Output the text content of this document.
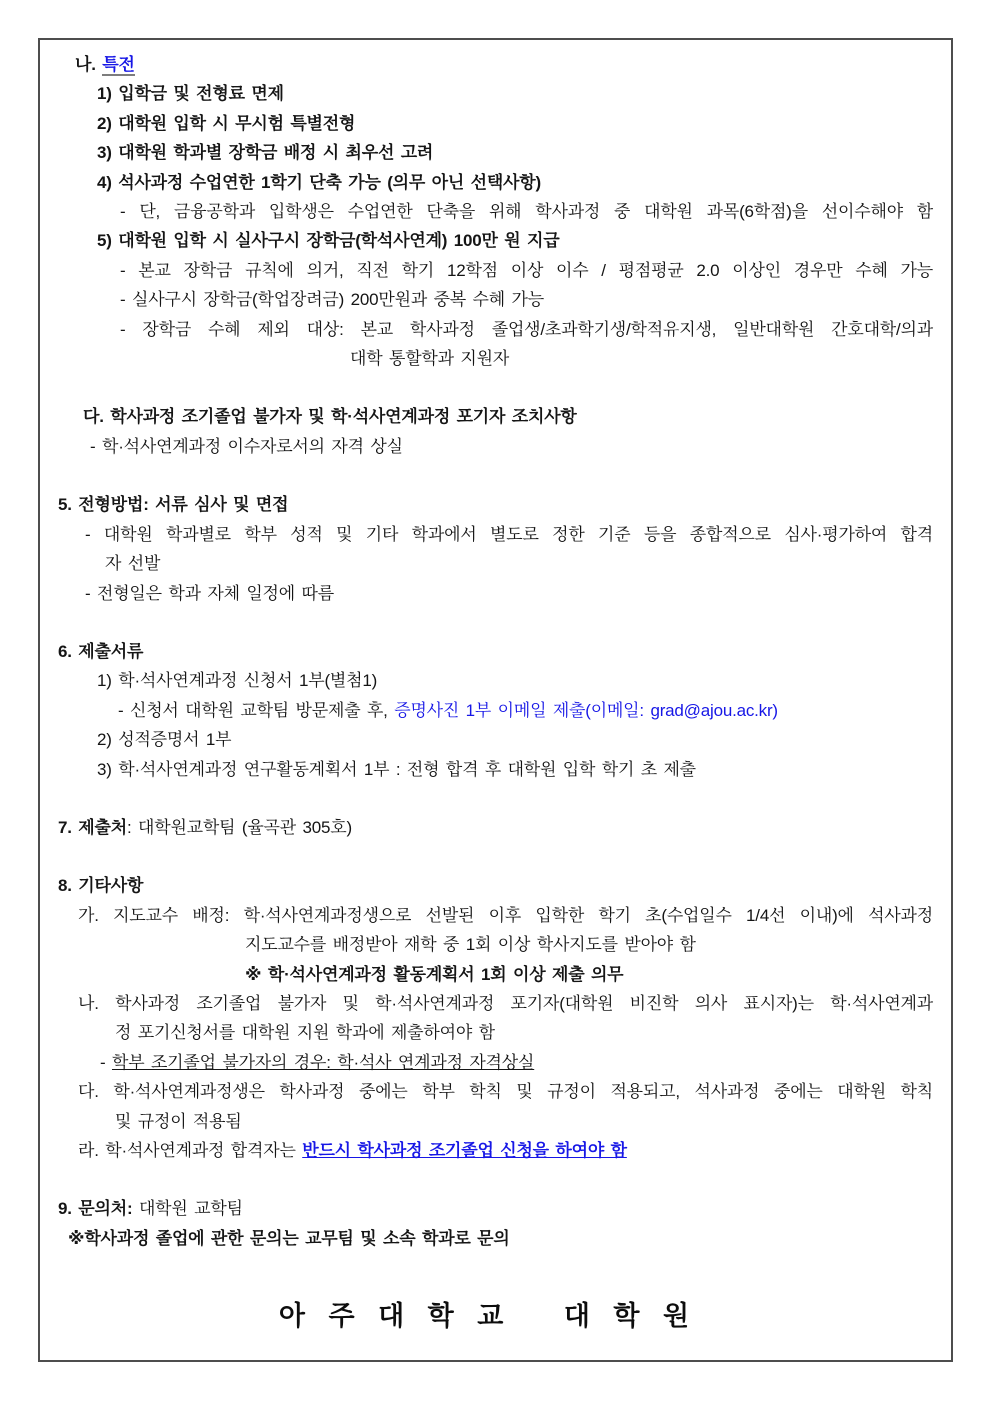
나. 특전
1) 입학금 및 전형료 면제
2) 대학원 입학 시 무시험 특별전형
3) 대학원 학과별 장학금 배정 시 최우선 고려
4) 석사과정 수업연한 1학기 단축 가능 (의무 아닌 선택사항)
- 단, 금융공학과 입학생은 수업연한 단축을 위해 학사과정 중 대학원 과목(6학점)을 선이수해야 함
5) 대학원 입학 시 실사구시 장학금(학석사연계) 100만 원 지급
- 본교 장학금 규칙에 의거, 직전 학기 12학점 이상 이수 / 평점평균 2.0 이상인 경우만 수혜 가능
- 실사구시 장학금(학업장려금) 200만원과 중복 수혜 가능
- 장학금 수혜 제외 대상: 본교 학사과정 졸업생/초과학기생/학적유지생, 일반대학원 간호대학/의과
대학 통할학과 지원자
다. 학사과정 조기졸업 불가자 및 학·석사연계과정 포기자 조치사항
- 학·석사연계과정 이수자로서의 자격 상실
5. 전형방법: 서류 심사 및 면접
- 대학원 학과별로 학부 성적 및 기타 학과에서 별도로 정한 기준 등을 종합적으로 심사·평가하여 합격
자 선발
- 전형일은 학과 자체 일정에 따름
6. 제출서류
1) 학·석사연계과정 신청서 1부(별첨1)
- 신청서 대학원 교학팀 방문제출 후, 증명사진 1부 이메일 제출(이메일: grad@ajou.ac.kr)
2) 성적증명서 1부
3) 학·석사연계과정 연구활동계획서 1부 : 전형 합격 후 대학원 입학 학기 초 제출
7. 제출처: 대학원교학팀 (율곡관 305호)
8. 기타사항
가. 지도교수 배정: 학·석사연계과정생으로 선발된 이후 입학한 학기 초(수업일수 1/4선 이내)에 석사과정
지도교수를 배정받아 재학 중 1회 이상 학사지도를 받아야 함
※ 학·석사연계과정 활동계획서 1회 이상 제출 의무
나. 학사과정 조기졸업 불가자 및 학·석사연계과정 포기자(대학원 비진학 의사 표시자)는 학·석사연계과
정 포기신청서를 대학원 지원 학과에 제출하여야 함
- 학부 조기졸업 불가자의 경우: 학·석사 연계과정 자격상실
다. 학·석사연계과정생은 학사과정 중에는 학부 학칙 및 규정이 적용되고, 석사과정 중에는 대학원 학칙
및 규정이 적용됨
라. 학·석사연계과정 합격자는 반드시 학사과정 조기졸업 신청을 하여야 함
9. 문의처: 대학원 교학팀
※학사과정 졸업에 관한 문의는 교무팀 및 소속 학과로 문의
아 주 대 학 교   대 학 원
